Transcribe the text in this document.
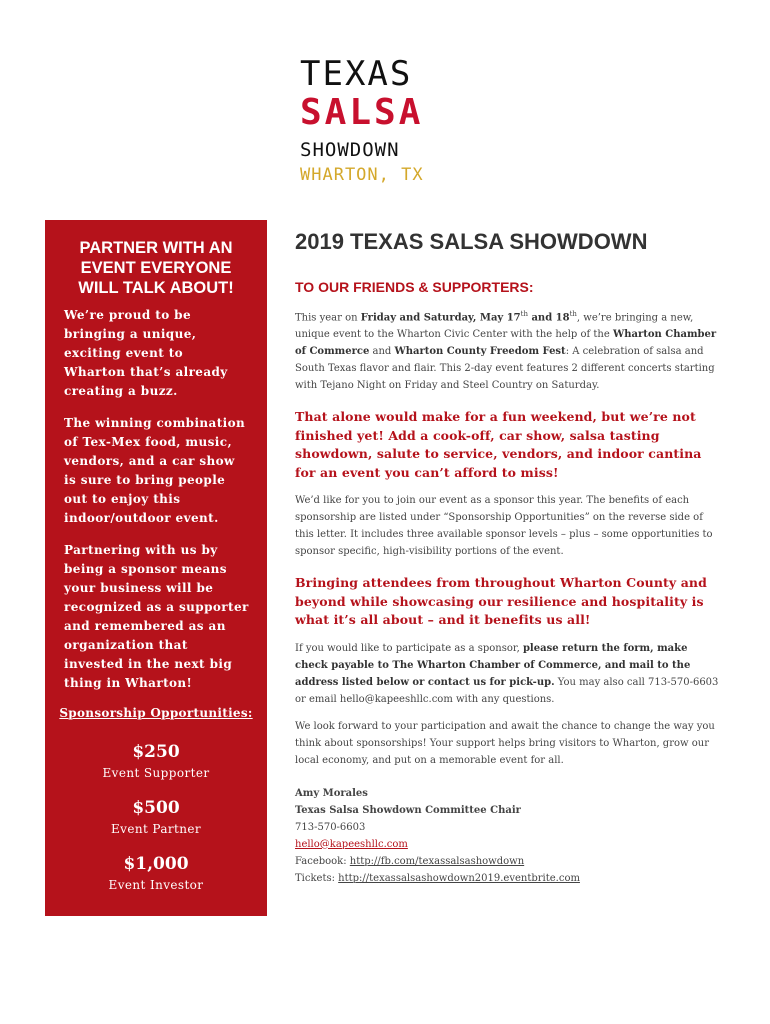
TEXAS
SALSA
SHOWDOWN
WHARTON, TX
PARTNER WITH AN EVENT EVERYONE WILL TALK ABOUT!
We’re proud to be bringing a unique, exciting event to Wharton that’s already creating a buzz.
The winning combination of Tex-Mex food, music, vendors, and a car show is sure to bring people out to enjoy this indoor/outdoor event.
Partnering with us by being a sponsor means your business will be recognized as a supporter and remembered as an organization that invested in the next big thing in Wharton!
Sponsorship Opportunities:
$250
Event Supporter
$500
Event Partner
$1,000
Event Investor
2019 TEXAS SALSA SHOWDOWN
TO OUR FRIENDS & SUPPORTERS:
This year on Friday and Saturday, May 17th and 18th, we’re bringing a new, unique event to the Wharton Civic Center with the help of the Wharton Chamber of Commerce and Wharton County Freedom Fest: A celebration of salsa and South Texas flavor and flair. This 2-day event features 2 different concerts starting with Tejano Night on Friday and Steel Country on Saturday.
That alone would make for a fun weekend, but we’re not finished yet! Add a cook-off, car show, salsa tasting showdown, salute to service, vendors, and indoor cantina for an event you can’t afford to miss!
We’d like for you to join our event as a sponsor this year. The benefits of each sponsorship are listed under “Sponsorship Opportunities” on the reverse side of this letter. It includes three available sponsor levels – plus – some opportunities to sponsor specific, high-visibility portions of the event.
Bringing attendees from throughout Wharton County and beyond while showcasing our resilience and hospitality is what it’s all about – and it benefits us all!
If you would like to participate as a sponsor, please return the form, make check payable to The Wharton Chamber of Commerce, and mail to the address listed below or contact us for pick-up. You may also call 713-570-6603 or email hello@kapeeshllc.com with any questions.
We look forward to your participation and await the chance to change the way you think about sponsorships! Your support helps bring visitors to Wharton, grow our local economy, and put on a memorable event for all.
Amy Morales
Texas Salsa Showdown Committee Chair
713-570-6603
hello@kapeeshllc.com
Facebook: http://fb.com/texassalsashowdown
Tickets: http://texassalsashowdown2019.eventbrite.com
